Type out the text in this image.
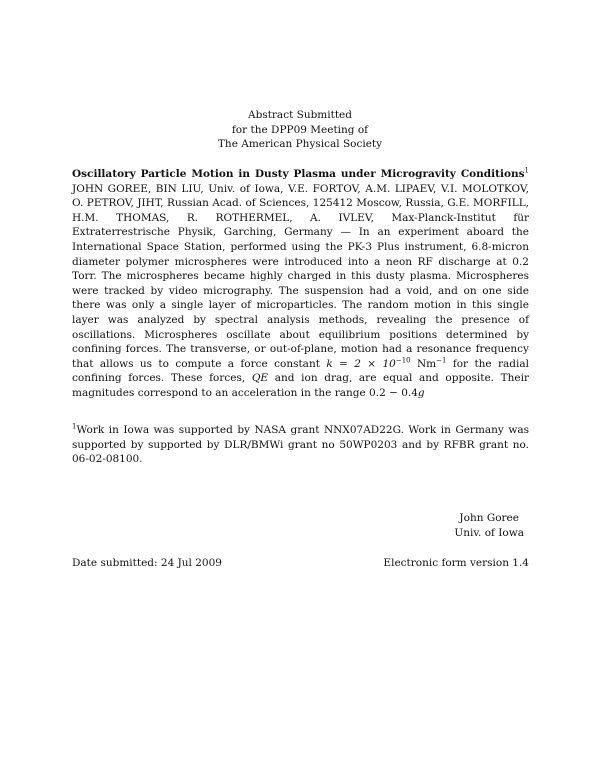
Abstract Submitted
for the DPP09 Meeting of
The American Physical Society
Oscillatory Particle Motion in Dusty Plasma under Microgravity Conditions$^1$ JOHN GOREE, BIN LIU, Univ. of Iowa, V.E. FORTOV, A.M. LIPAEV, V.I. MOLOTKOV, O. PETROV, JIHT, Russian Acad. of Sciences, 125412 Moscow, Russia, G.E. MORFILL, H.M. THOMAS, R. ROTHERMEL, A. IVLEV, Max-Planck-Institut für Extraterrestrische Physik, Garching, Germany — In an experiment aboard the International Space Station, performed using the PK-3 Plus instrument, 6.8-micron diameter polymer microspheres were introduced into a neon RF discharge at 0.2 Torr. The microspheres became highly charged in this dusty plasma. Microspheres were tracked by video micrography. The suspension had a void, and on one side there was only a single layer of microparticles. The random motion in this single layer was analyzed by spectral analysis methods, revealing the presence of oscillations. Microspheres oscillate about equilibrium positions determined by confining forces. The transverse, or out-of-plane, motion had a resonance frequency that allows us to compute a force constant $k = 2 \times 10^{-10}$ $Nm^{-1}$ for the radial confining forces. These forces, QE and ion drag, are equal and opposite. Their magnitudes correspond to an acceleration in the range 0.2 − 0.4g
$^1$Work in Iowa was supported by NASA grant NNX07AD22G. Work in Germany was supported by supported by DLR/BMWi grant no 50WP0203 and by RFBR grant no. 06-02-08100.
John Goree
Univ. of Iowa
Date submitted: 24 Jul 2009	Electronic form version 1.4
